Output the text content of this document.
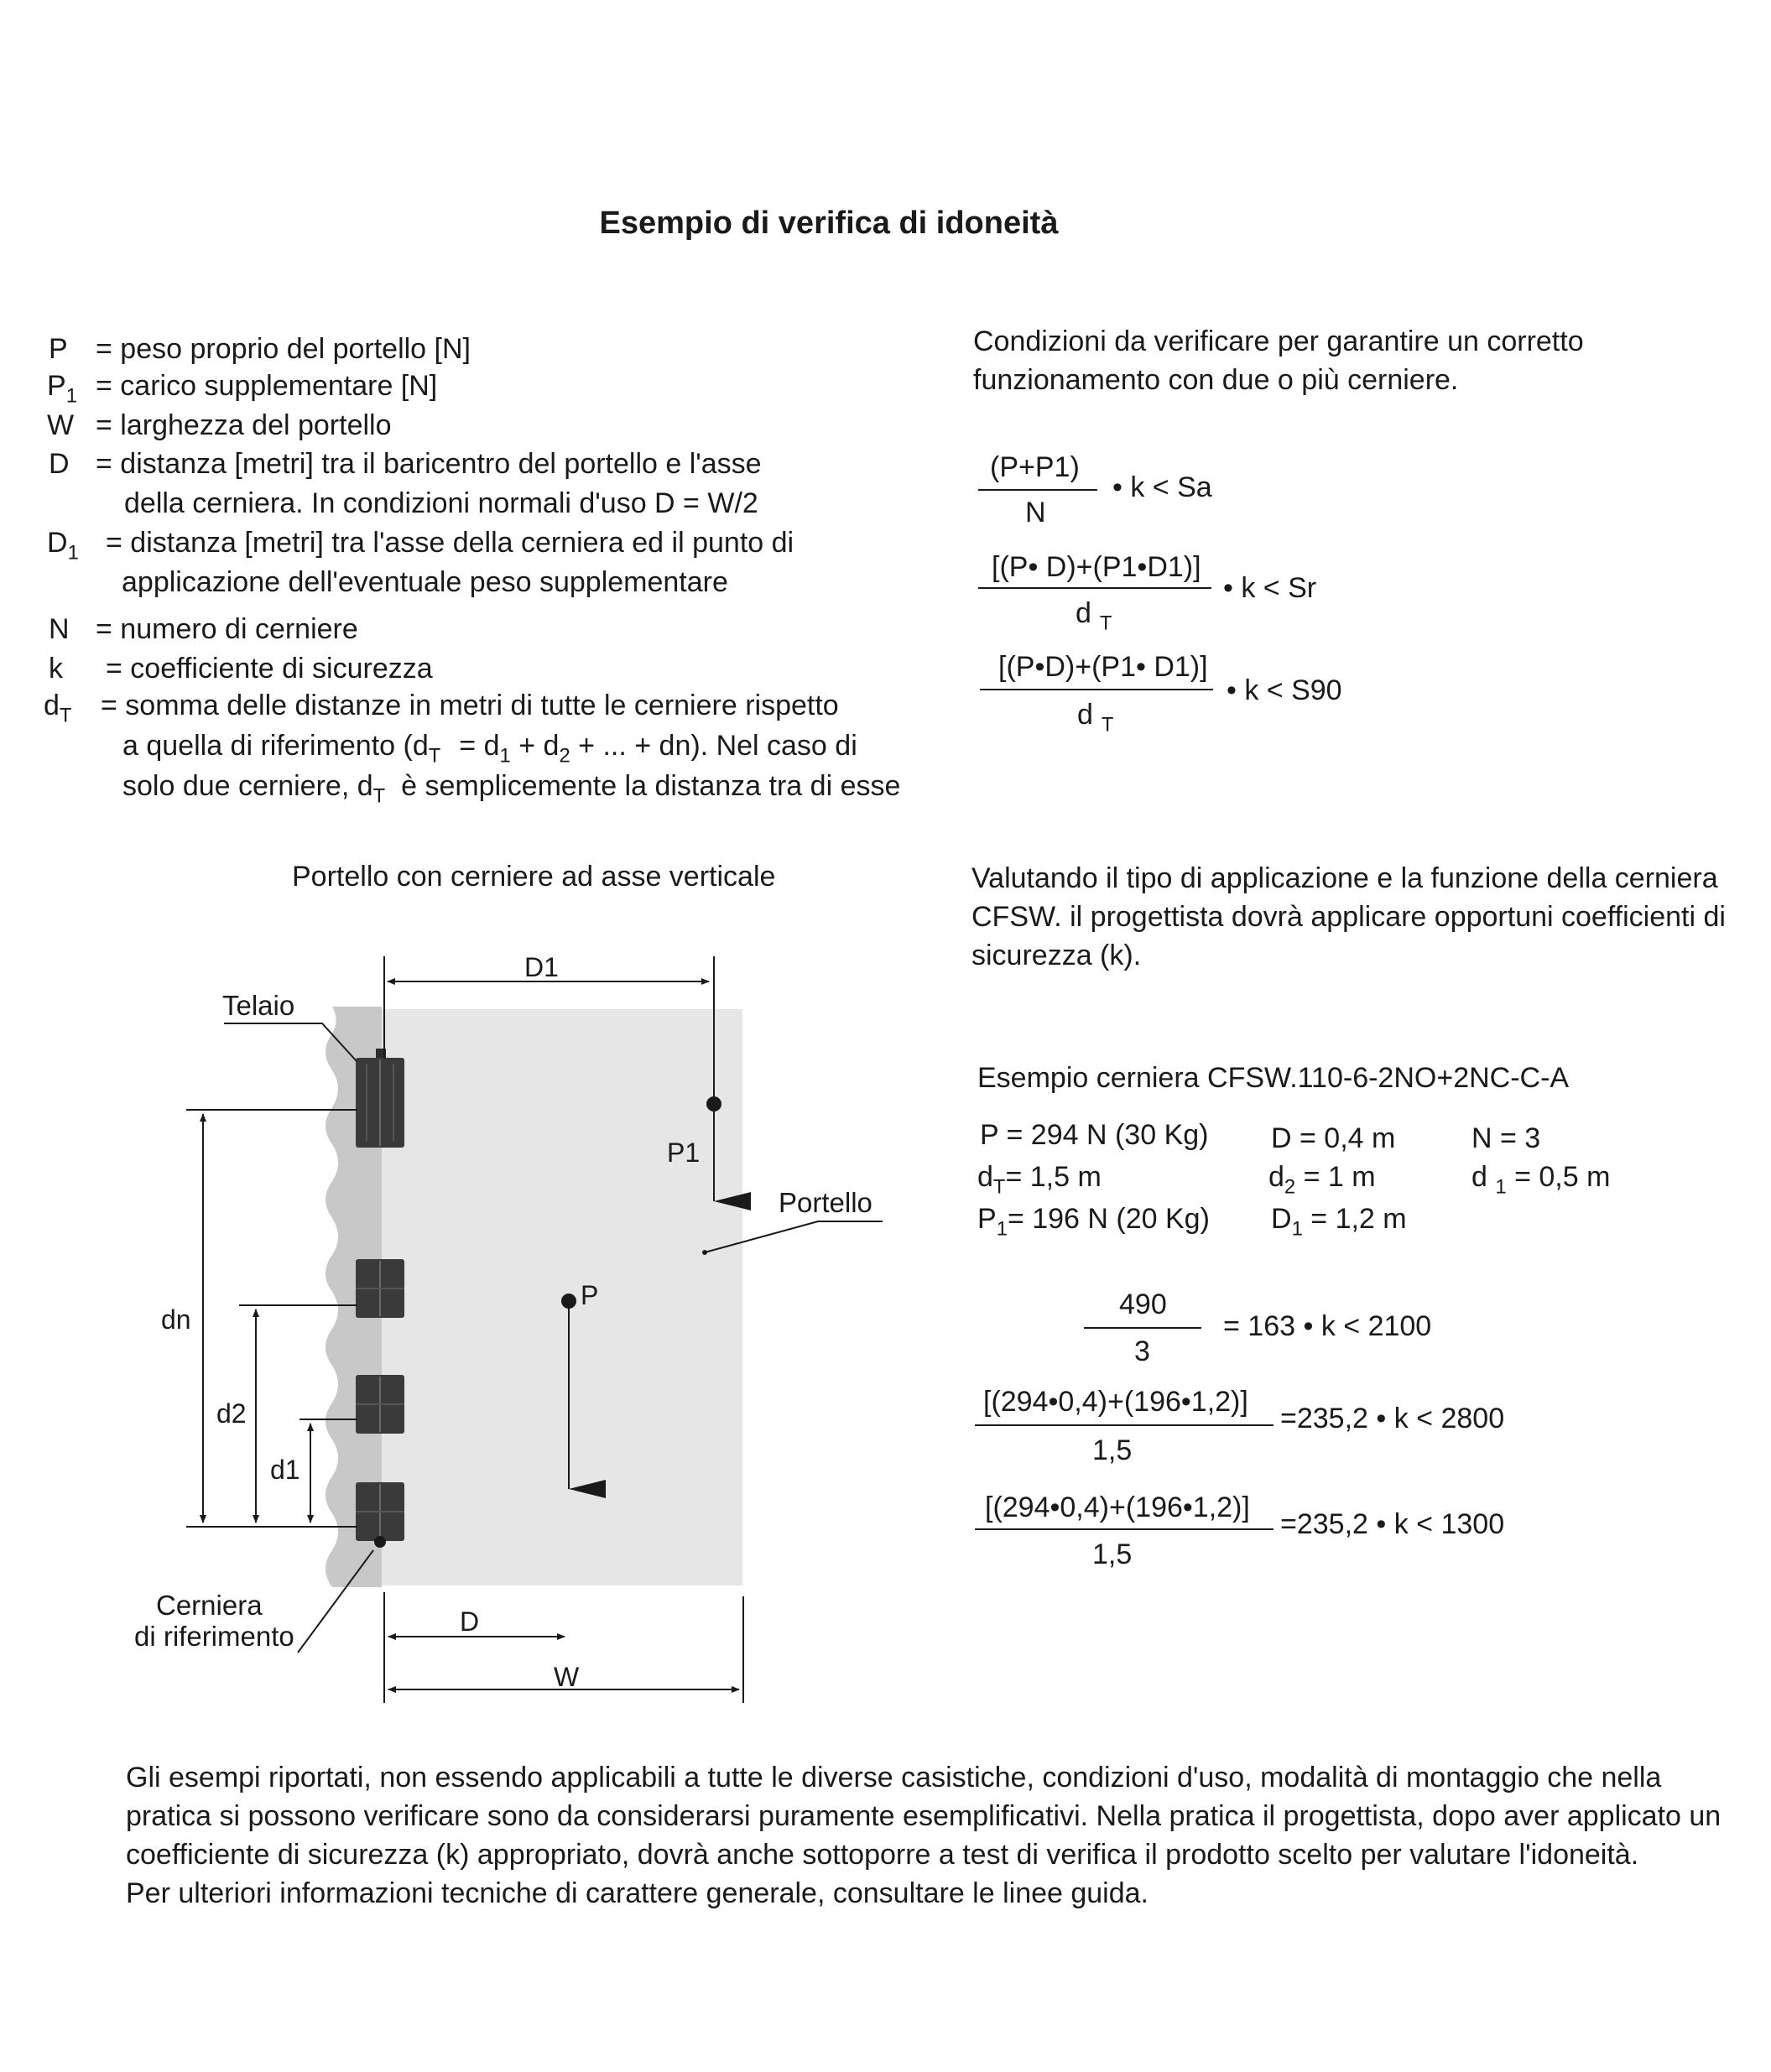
Esempio di verifica di idoneità
P = peso proprio del portello [N]
$P_1$ = carico supplementare [N]
W = larghezza del portello
D = distanza [metri] tra il baricentro del portello e l'asse
della cerniera. In condizioni normali d'uso D = W/2
$D_1$ = distanza [metri] tra l'asse della cerniera ed il punto di
applicazione dell'eventuale peso supplementare
N = numero di cerniere
k = coefficiente di sicurezza
$d_T$ = somma delle distanze in metri di tutte le cerniere rispetto
a quella di riferimento ($d_T = d_1 + d_2$ + ... + dn). Nel caso di
solo due cerniere, $d_T$ è semplicemente la distanza tra di esse
Condizioni da verificare per garantire un corretto
funzionamento con due o più cerniere.
(P+P1)
N
• k < Sa
[(P• D)+(P1•D1)]
d $_T$
• k < Sr
[(P•D)+(P1• D1)]
d $_T$
• k < S90
Portello con cerniere ad asse verticale
D1
Telaio
P1
Portello
P
dn
d2
d1
D
W
Cerniera
di riferimento
Valutando il tipo di applicazione e la funzione della cerniera
CFSW. il progettista dovrà applicare opportuni coefficienti di
sicurezza (k).
Esempio cerniera CFSW.110-6-2NO+2NC-C-A
P = 294 N (30 Kg) D = 0,4 m	N = 3
$d_T= 1,5$ m	$d_2 = 1$ m	d $_1$ = 0,5 m
$P_1= 196$ N (20 Kg) $D_1 = 1,2$ m
490
3
= 163 • k < 2100
[(294•0,4)+(196•1,2)]
1,5
=235,2 • k < 2800
[(294•0,4)+(196•1,2)]
1,5
=235,2 • k < 1300
Gli esempi riportati, non essendo applicabili a tutte le diverse casistiche, condizioni d'uso, modalità di montaggio che nella
pratica si possono verificare sono da considerarsi puramente esemplificativi. Nella pratica il progettista, dopo aver applicato un
coefficiente di sicurezza (k) appropriato, dovrà anche sottoporre a test di verifica il prodotto scelto per valutare l'idoneità.
Per ulteriori informazioni tecniche di carattere generale, consultare le linee guida.
